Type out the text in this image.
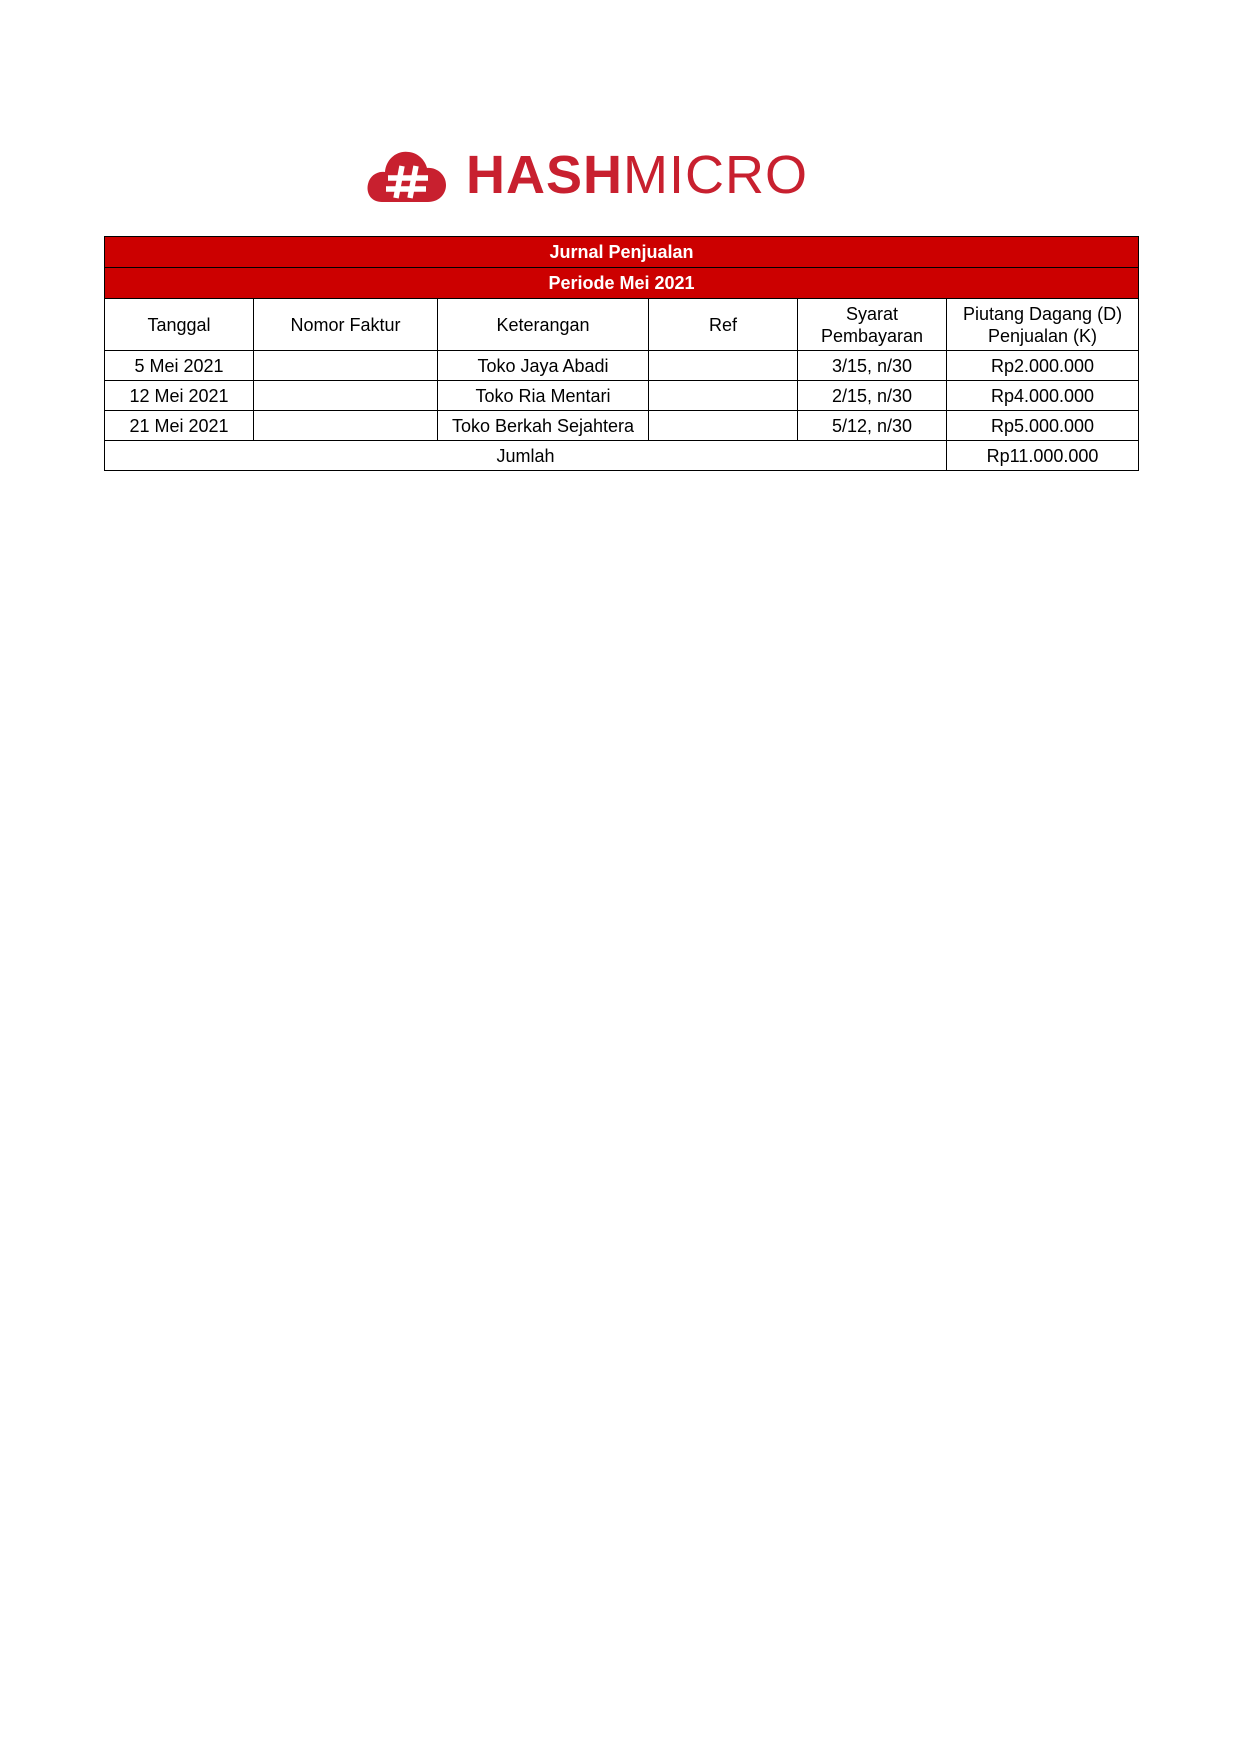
HASHMICRO
Jurnal Penjualan					
Periode Mei 2021					
Tanggal	Nomor Faktur	Keterangan	Ref	Syarat Pembayaran	Piutang Dagang (D) Penjualan (K)
5 Mei 2021		Toko Jaya Abadi		3/15, n/30	Rp2.000.000
12 Mei 2021		Toko Ria Mentari		2/15, n/30	Rp4.000.000
21 Mei 2021		Toko Berkah Sejahtera		5/12, n/30	Rp5.000.000
Jumlah					Rp11.000.000
